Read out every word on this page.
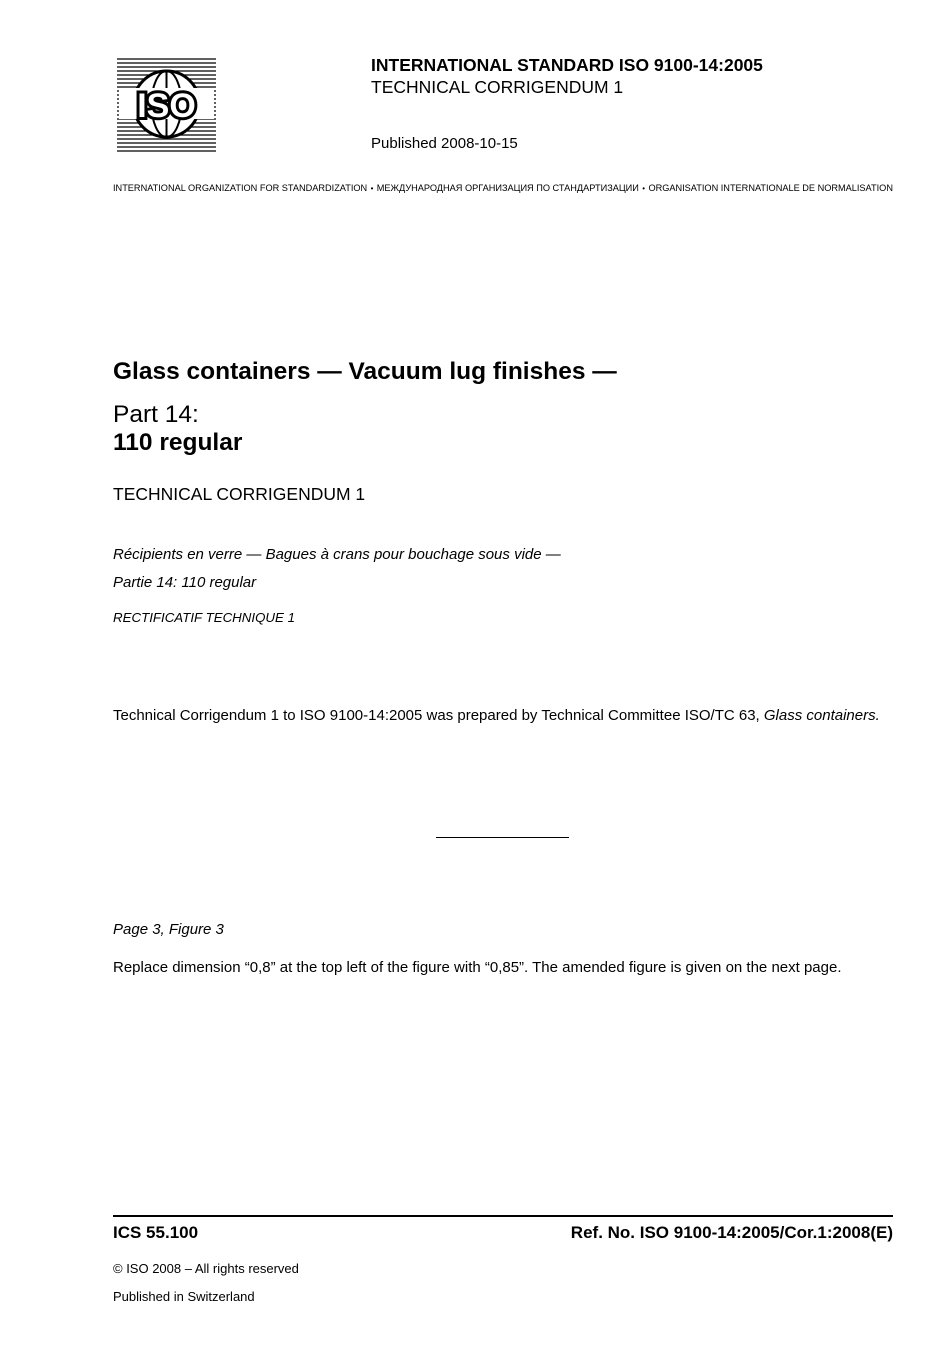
ISO
INTERNATIONAL STANDARD ISO 9100-14:2005
TECHNICAL CORRIGENDUM 1
Published 2008-10-15
INTERNATIONAL ORGANIZATION FOR STANDARDIZATION • МЕЖДУНАРОДНАЯ ОРГАНИЗАЦИЯ ПО СТАНДАРТИЗАЦИИ • ORGANISATION INTERNATIONALE DE NORMALISATION
Glass containers — Vacuum lug finishes —
Part 14:
110 regular
TECHNICAL CORRIGENDUM 1
Récipients en verre — Bagues à crans pour bouchage sous vide —
Partie 14: 110 regular
RECTIFICATIF TECHNIQUE 1
Technical Corrigendum 1 to ISO 9100-14:2005 was prepared by Technical Committee ISO/TC 63, Glass containers.
Page 3, Figure 3
Replace dimension “0,8” at the top left of the figure with “0,85”. The amended figure is given on the next page.
ICS 55.100	Ref. No. ISO 9100-14:2005/Cor.1:2008(E)
© ISO 2008 – All rights reserved
Published in Switzerland
